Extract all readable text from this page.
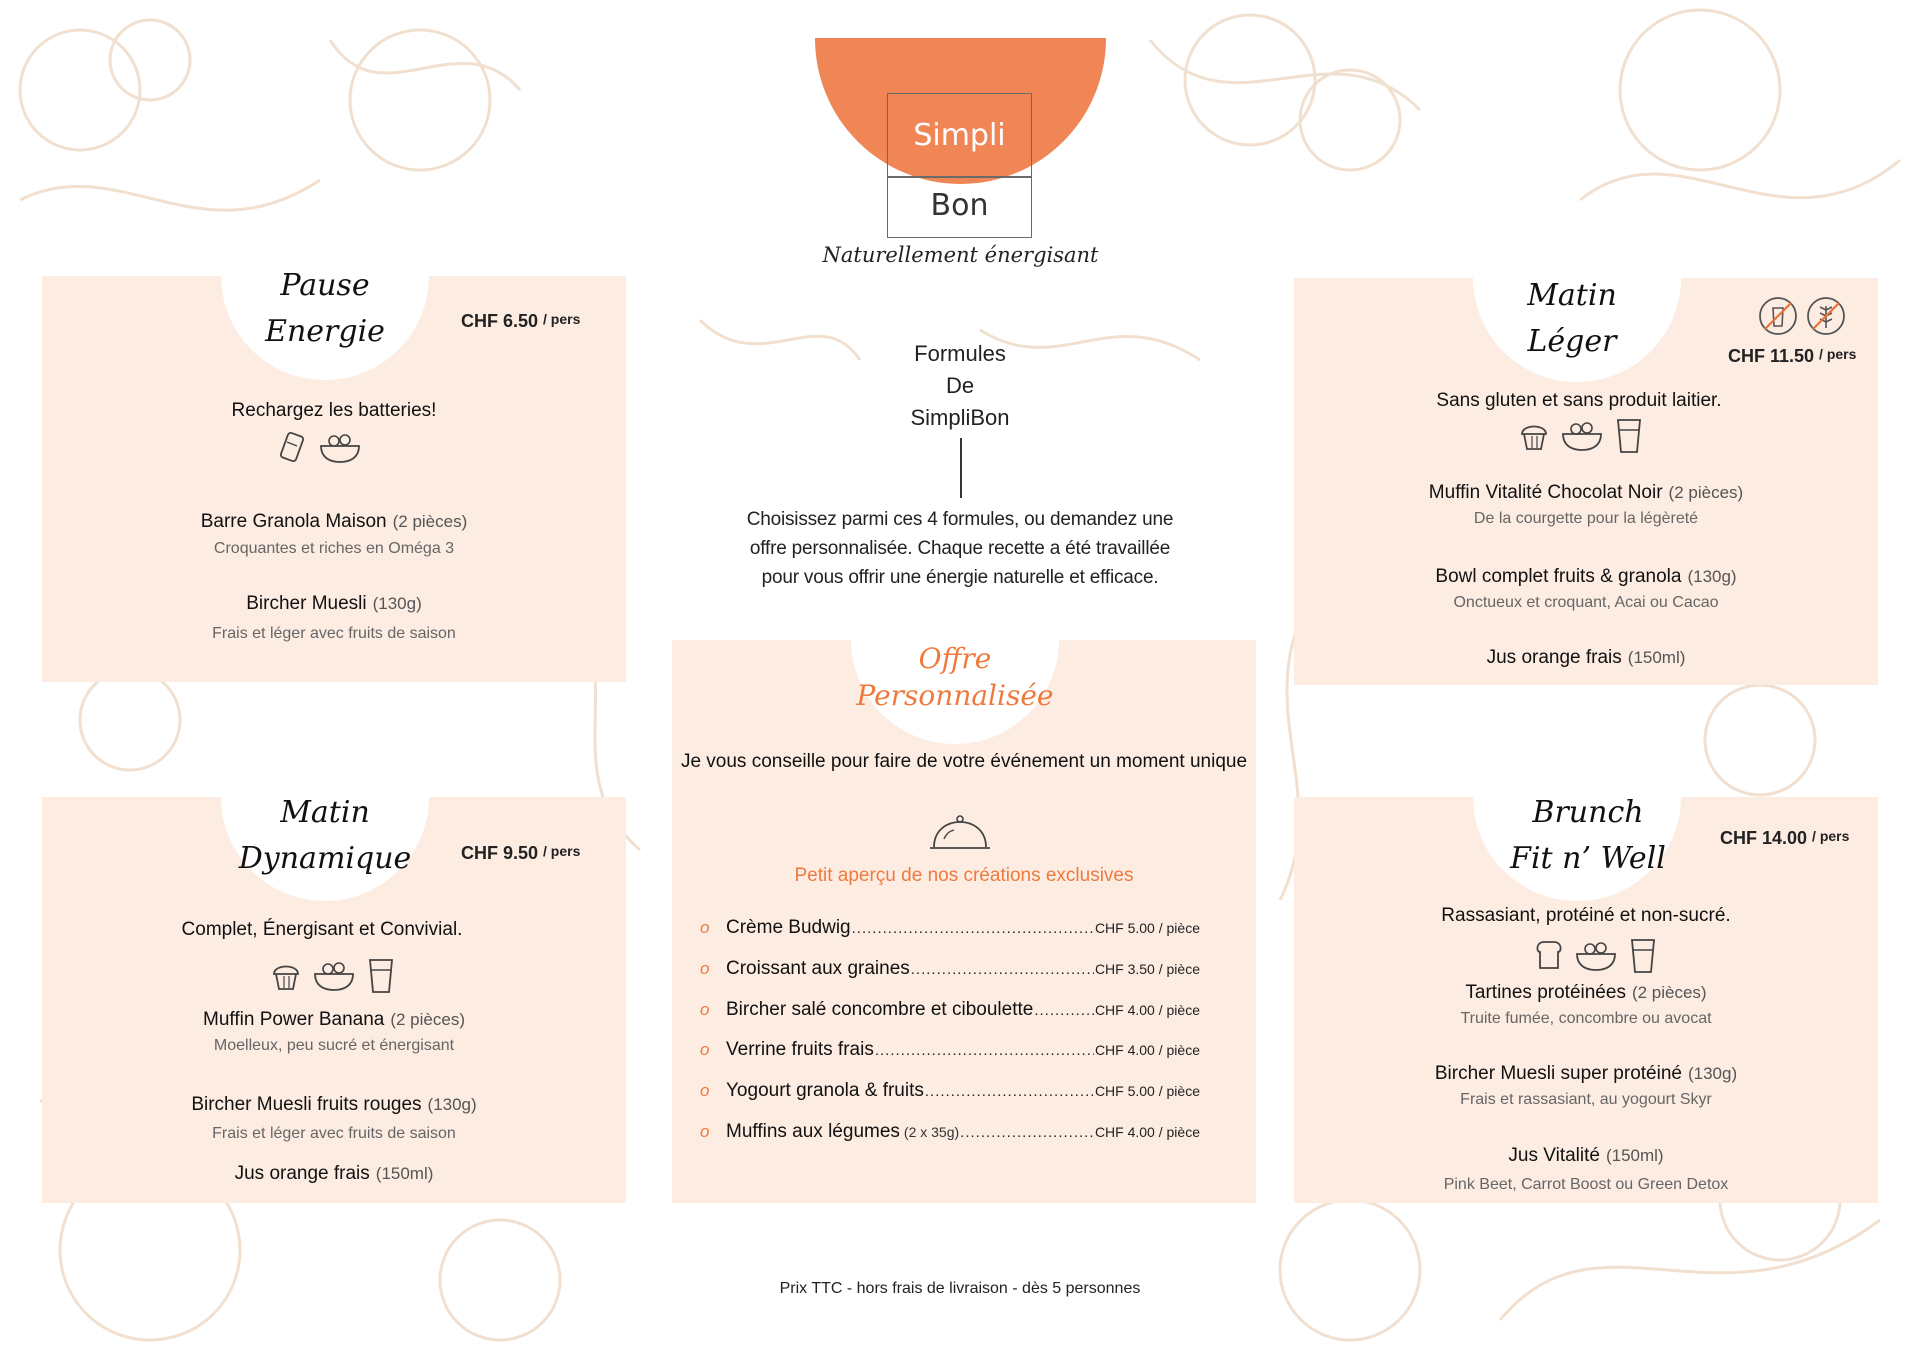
Simpli
Bon
Naturellement énergisant
Formules
De
SimpliBon
Choisissez parmi ces 4 formules, ou demandez une offre personnalisée. Chaque recette a été travaillée pour vous offrir une énergie naturelle et efficace.
Pause
Energie	CHF 6.50 / pers
Rechargez les batteries!
Barre Granola Maison (2 pièces)
Croquantes et riches en Oméga 3
Bircher Muesli (130g)
Frais et léger avec fruits de saison
Matin
Dynamique	CHF 9.50 / pers
Complet, Énergisant et Convivial.
Muffin Power Banana (2 pièces)
Moelleux, peu sucré et énergisant
Bircher Muesli fruits rouges (130g)
Frais et léger avec fruits de saison
Jus orange frais (150ml)
Matin
Léger	CHF 11.50 / pers
Sans gluten et sans produit laitier.
Muffin Vitalité Chocolat Noir (2 pièces)
De la courgette pour la légèreté
Bowl complet fruits & granola (130g)
Onctueux et croquant, Acai ou Cacao
Jus orange frais (150ml)
Brunch
Fit n’ Well
CHF 14.00 / pers
Rassasiant, protéiné et non-sucré.
Tartines protéinées (2 pièces)
Truite fumée, concombre ou avocat
Bircher Muesli super protéiné (130g)
Frais et rassasiant, au yogourt Skyr
Jus Vitalité (150ml)
Pink Beet, Carrot Boost ou Green Detox
Offre
Personnalisée
Je vous conseille pour faire de votre événement un moment unique
Petit aperçu de nos créations exclusives
o Crème Budwig .....	CHF 5.00 / pièce
o Croissant aux graines .....	CHF 3.50 / pièce
o Bircher salé concombre et ciboulette .....	CHF 4.00 / pièce
o Verrine fruits frais .....	CHF 4.00 / pièce
o Yogourt granola & fruits .....	CHF 5.00 / pièce
o Muffins aux légumes (2 x 35g) .....	CHF 4.00 / pièce
Prix TTC - hors frais de livraison - dès 5 personnes
